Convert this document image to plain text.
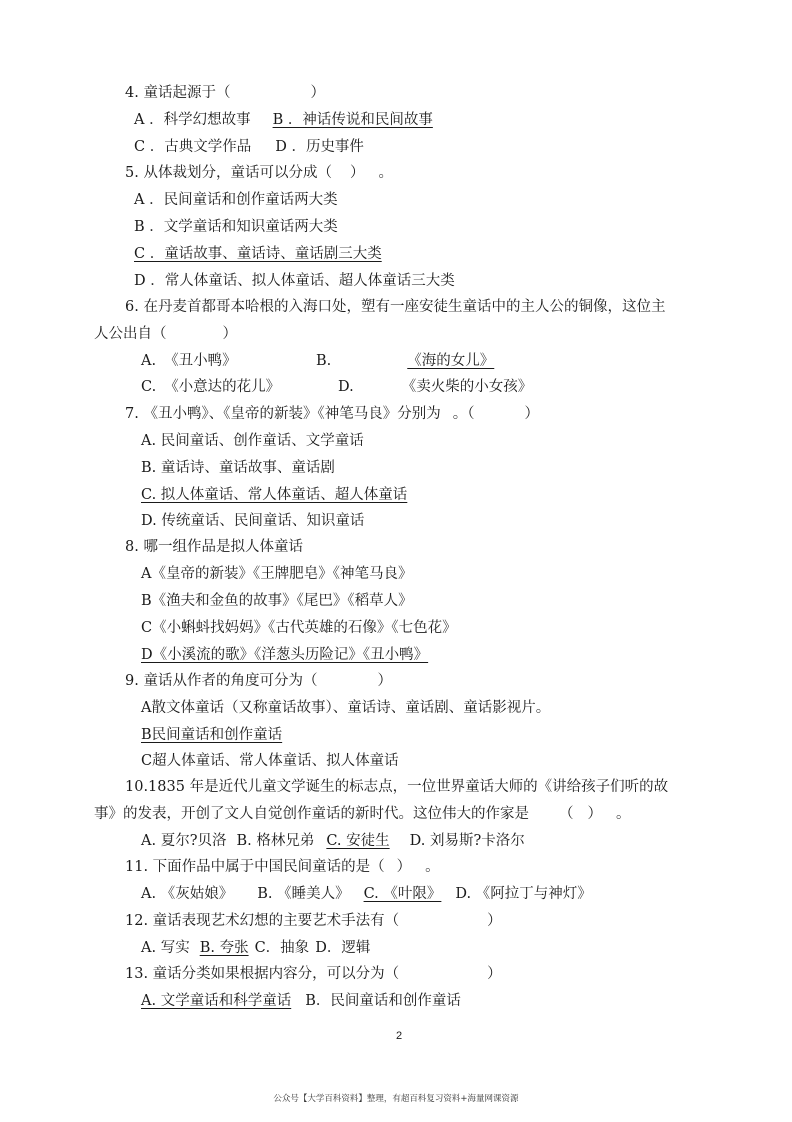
4. 童话起源于（	）
A ．科学幻想故事 B ．神话传说和民间故事
C ．古典文学作品 D ．历史事件
5. 从体裁划分，童话可以分成（ ） 。
A ．民间童话和创作童话两大类
B ．文学童话和知识童话两大类
C ．童话故事、童话诗、童话剧三大类
D ．常人体童话、拟人体童话、超人体童话三大类
6. 在丹麦首都哥本哈根的入海口处，塑有一座安徒生童话中的主人公的铜像，这位主
人公出自（	）
A. 《丑小鸭》	B.	《海的女儿》
C. 《小意达的花儿》	D.	《卖火柴的小女孩》
7. 《丑小鸭》、《皇帝的新装》《神笔马良》分别为 。（	）
A. 民间童话、创作童话、文学童话
B. 童话诗、童话故事、童话剧
C. 拟人体童话、常人体童话、超人体童话
D. 传统童话、民间童话、知识童话
8. 哪一组作品是拟人体童话
A《皇帝的新装》《王牌肥皂》《神笔马良》
B《渔夫和金鱼的故事》《尾巴》《稻草人》
C《小蝌蚪找妈妈》《古代英雄的石像》《七色花》
D《小溪流的歌》《洋葱头历险记》《丑小鸭》
9. 童话从作者的角度可分为（	）
A散文体童话（又称童话故事）、童话诗、童话剧、童话影视片。
B民间童话和创作童话
C超人体童话、常人体童话、拟人体童话
10.1835 年是近代儿童文学诞生的标志点，一位世界童话大师的《讲给孩子们听的故
事》的发表，开创了文人自觉创作童话的新时代。这位伟大的作家是 （ ） 。
A. 夏尔?贝洛 B. 格林兄弟 C. 安徒生 D. 刘易斯?卡洛尔
11. 下面作品中属于中国民间童话的是（ ） 。
A. 《灰姑娘》 B. 《睡美人》 C. 《叶限》 D. 《阿拉丁与神灯》
12. 童话表现艺术幻想的主要艺术手法有（	）
A. 写实 B. 夸张 C．抽象 D．逻辑
13. 童话分类如果根据内容分，可以分为（	）
A. 文学童话和科学童话 B．民间童话和创作童话
2
公众号【大学百科资料】整理，有超百科复习资料+海量网课资源
